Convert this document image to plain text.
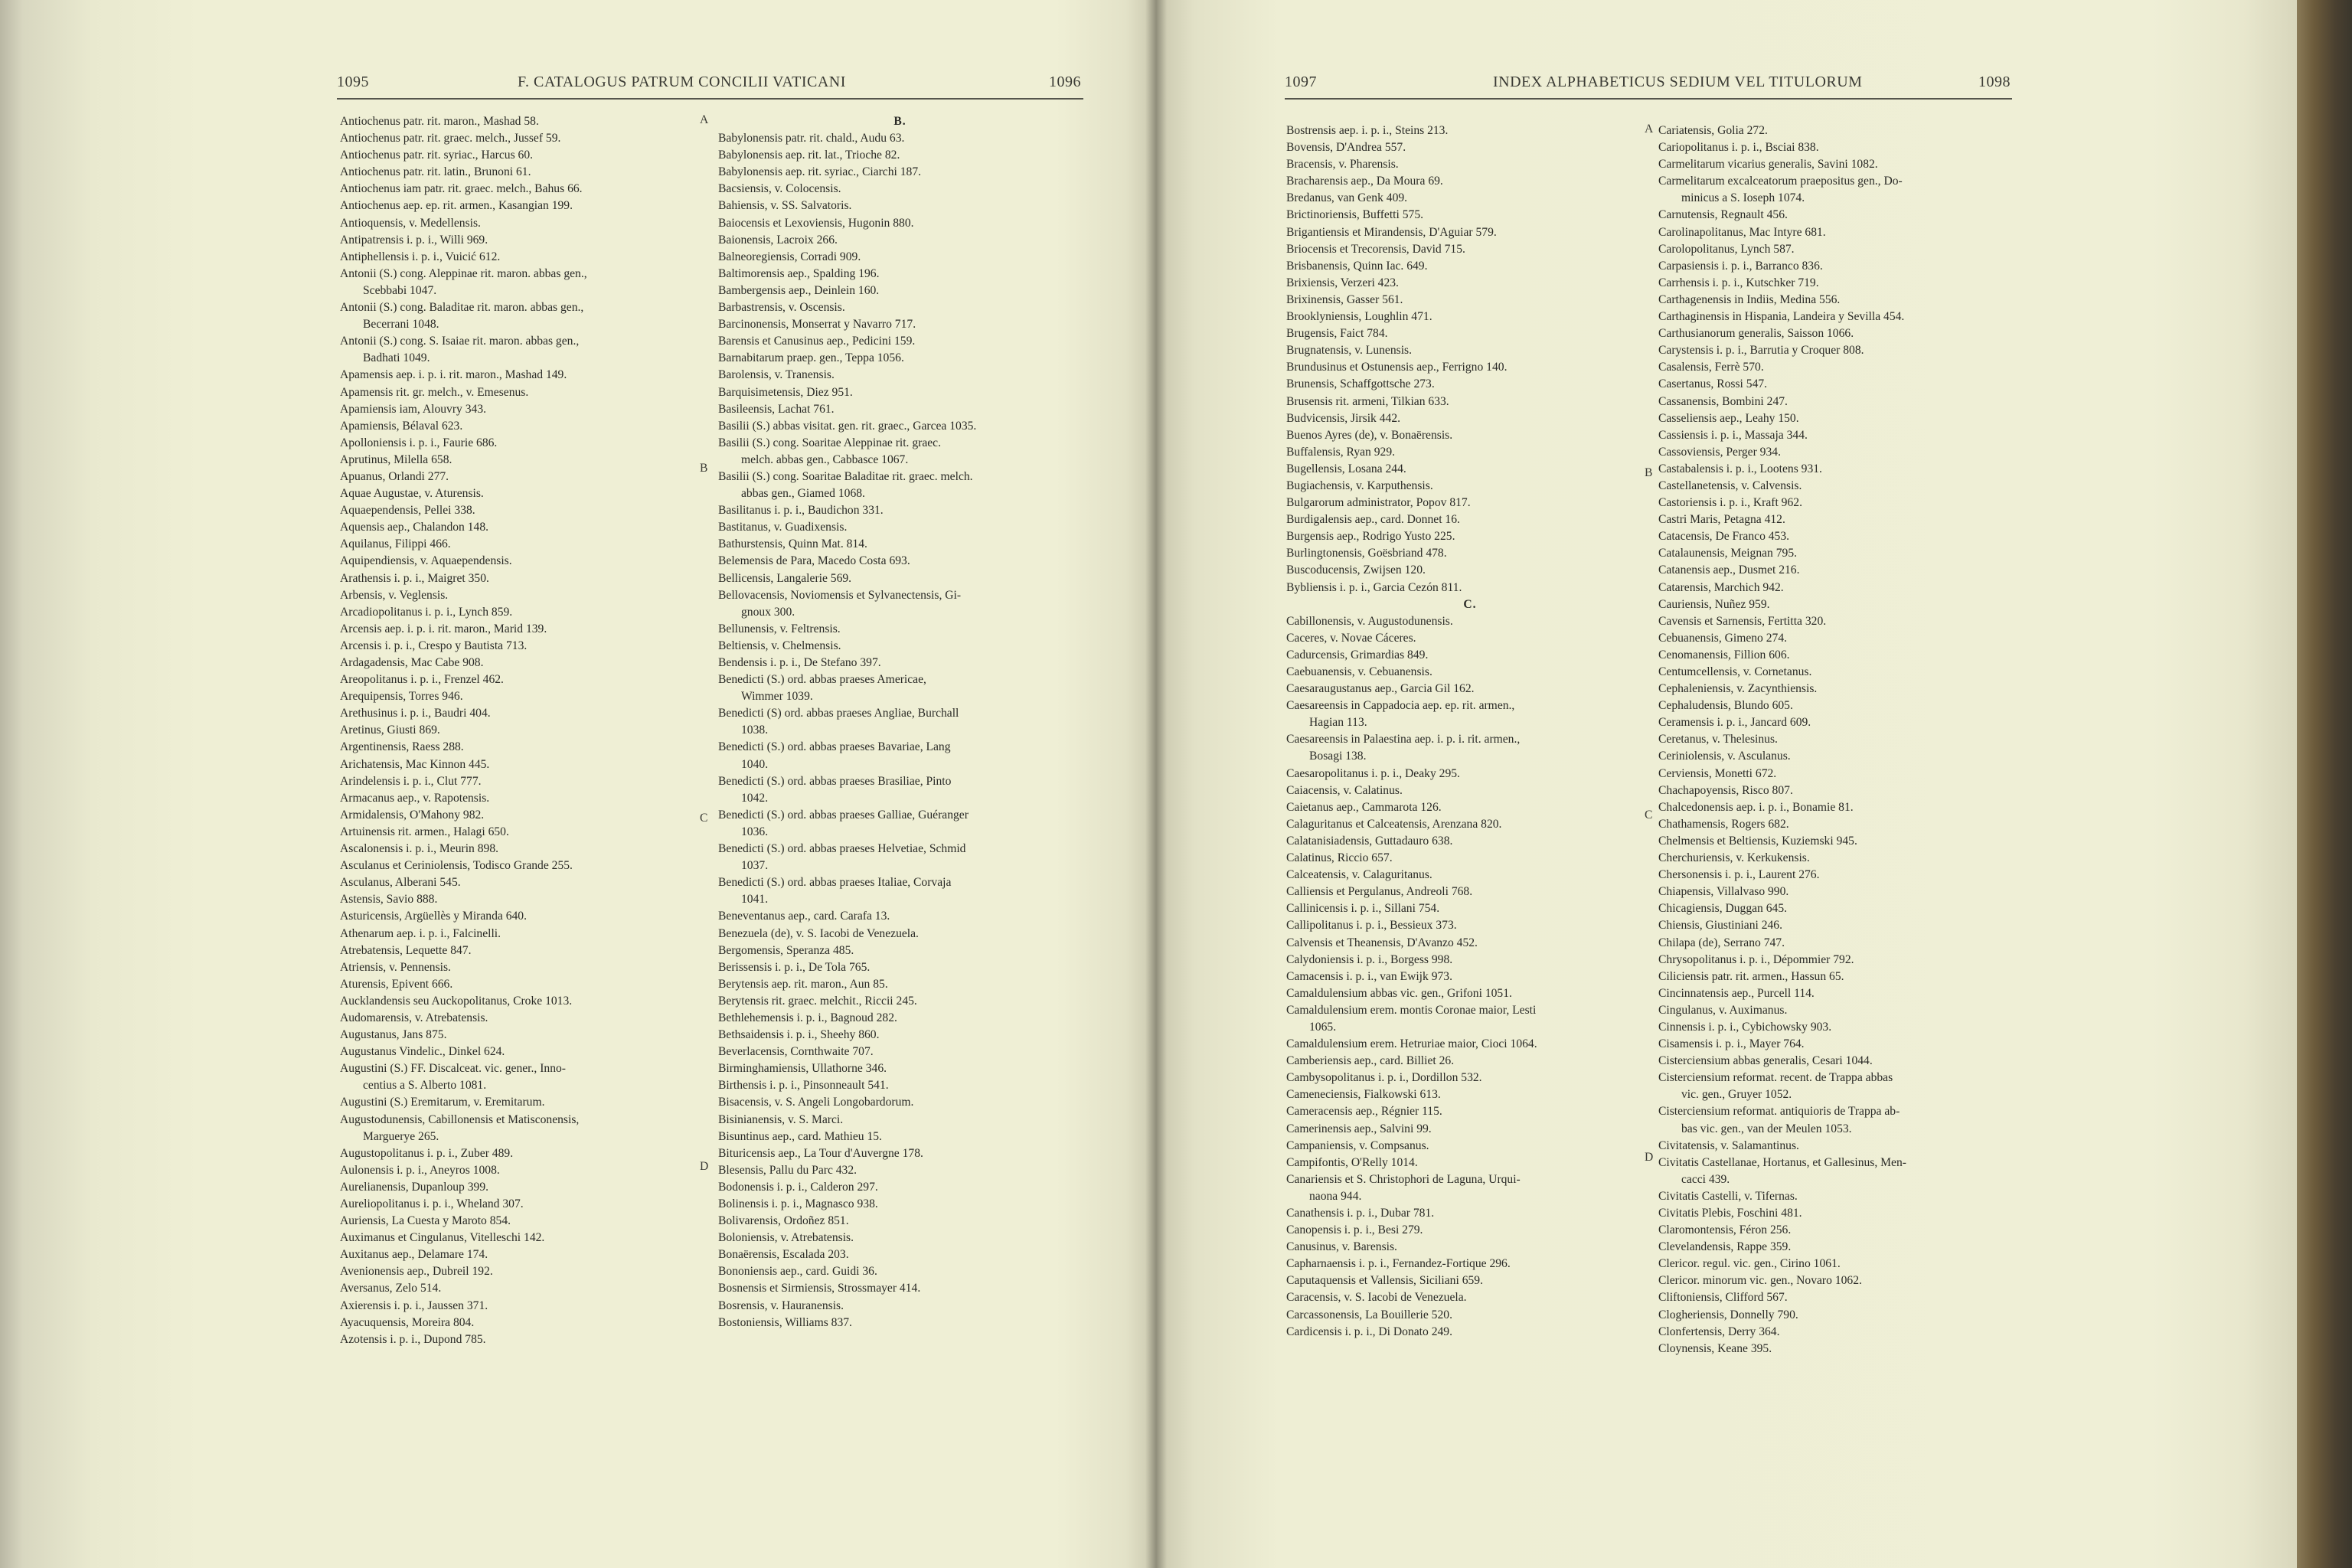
1095	F. CATALOGUS PATRUM CONCILII VATICANI	1096
Antiochenus patr. rit. maron., Mashad 58.
Antiochenus patr. rit. graec. melch., Jussef 59.
Antiochenus patr. rit. syriac., Harcus 60.
Antiochenus patr. rit. latin., Brunoni 61.
Antiochenus iam patr. rit. graec. melch., Bahus 66.
Antiochenus aep. ep. rit. armen., Kasangian 199.
Antioquensis, v. Medellensis.
Antipatrensis i. p. i., Willi 969.
Antiphellensis i. p. i., Vuicić 612.
Antonii (S.) cong. Aleppinae rit. maron. abbas gen.,
Scebbabi 1047.
Antonii (S.) cong. Baladitae rit. maron. abbas gen.,
Becerrani 1048.
Antonii (S.) cong. S. Isaiae rit. maron. abbas gen.,
Badhati 1049.
Apamensis aep. i. p. i. rit. maron., Mashad 149.
Apamensis rit. gr. melch., v. Emesenus.
Apamiensis iam, Alouvry 343.
Apamiensis, Bélaval 623.
Apolloniensis i. p. i., Faurie 686.
Aprutinus, Milella 658.
Apuanus, Orlandi 277.
Aquae Augustae, v. Aturensis.
Aquaependensis, Pellei 338.
Aquensis aep., Chalandon 148.
Aquilanus, Filippi 466.
Aquipendiensis, v. Aquaependensis.
Arathensis i. p. i., Maigret 350.
Arbensis, v. Veglensis.
Arcadiopolitanus i. p. i., Lynch 859.
Arcensis aep. i. p. i. rit. maron., Marid 139.
Arcensis i. p. i., Crespo y Bautista 713.
Ardagadensis, Mac Cabe 908.
Areopolitanus i. p. i., Frenzel 462.
Arequipensis, Torres 946.
Arethusinus i. p. i., Baudri 404.
Aretinus, Giusti 869.
Argentinensis, Raess 288.
Arichatensis, Mac Kinnon 445.
Arindelensis i. p. i., Clut 777.
Armacanus aep., v. Rapotensis.
Armidalensis, O'Mahony 982.
Artuinensis rit. armen., Halagi 650.
Ascalonensis i. p. i., Meurin 898.
Asculanus et Ceriniolensis, Todisco Grande 255.
Asculanus, Alberani 545.
Astensis, Savio 888.
Asturicensis, Argüellès y Miranda 640.
Athenarum aep. i. p. i., Falcinelli.
Atrebatensis, Lequette 847.
Atriensis, v. Pennensis.
Aturensis, Epivent 666.
Aucklandensis seu Auckopolitanus, Croke 1013.
Audomarensis, v. Atrebatensis.
Augustanus, Jans 875.
Augustanus Vindelic., Dinkel 624.
Augustini (S.) FF. Discalceat. vic. gener., Inno-
centius a S. Alberto 1081.
Augustini (S.) Eremitarum, v. Eremitarum.
Augustodunensis, Cabillonensis et Matisconensis,
Marguerye 265.
Augustopolitanus i. p. i., Zuber 489.
Aulonensis i. p. i., Aneyros 1008.
Aurelianensis, Dupanloup 399.
Aureliopolitanus i. p. i., Wheland 307.
Auriensis, La Cuesta y Maroto 854.
Auximanus et Cingulanus, Vitelleschi 142.
Auxitanus aep., Delamare 174.
Avenionensis aep., Dubreil 192.
Aversanus, Zelo 514.
Axierensis i. p. i., Jaussen 371.
Ayacuquensis, Moreira 804.
Azotensis i. p. i., Dupond 785.
B.
Babylonensis patr. rit. chald., Audu 63.
Babylonensis aep. rit. lat., Trioche 82.
Babylonensis aep. rit. syriac., Ciarchi 187.
Bacsiensis, v. Colocensis.
Bahiensis, v. SS. Salvatoris.
Baiocensis et Lexoviensis, Hugonin 880.
Baionensis, Lacroix 266.
Balneoregiensis, Corradi 909.
Baltimorensis aep., Spalding 196.
Bambergensis aep., Deinlein 160.
Barbastrensis, v. Oscensis.
Barcinonensis, Monserrat y Navarro 717.
Barensis et Canusinus aep., Pedicini 159.
Barnabitarum praep. gen., Teppa 1056.
Barolensis, v. Tranensis.
Barquisimetensis, Diez 951.
Basileensis, Lachat 761.
Basilii (S.) abbas visitat. gen. rit. graec., Garcea 1035.
Basilii (S.) cong. Soaritae Aleppinae rit. graec.
melch. abbas gen., Cabbasce 1067.
Basilii (S.) cong. Soaritae Baladitae rit. graec. melch.
abbas gen., Giamed 1068.
Basilitanus i. p. i., Baudichon 331.
Bastitanus, v. Guadixensis.
Bathurstensis, Quinn Mat. 814.
Belemensis de Para, Macedo Costa 693.
Bellicensis, Langalerie 569.
Bellovacensis, Noviomensis et Sylvanectensis, Gi-
gnoux 300.
Bellunensis, v. Feltrensis.
Beltiensis, v. Chelmensis.
Bendensis i. p. i., De Stefano 397.
Benedicti (S.) ord. abbas praeses Americae,
Wimmer 1039.
Benedicti (S) ord. abbas praeses Angliae, Burchall
1038.
Benedicti (S.) ord. abbas praeses Bavariae, Lang
1040.
Benedicti (S.) ord. abbas praeses Brasiliae, Pinto
1042.
Benedicti (S.) ord. abbas praeses Galliae, Guéranger
1036.
Benedicti (S.) ord. abbas praeses Helvetiae, Schmid
1037.
Benedicti (S.) ord. abbas praeses Italiae, Corvaja
1041.
Beneventanus aep., card. Carafa 13.
Benezuela (de), v. S. Iacobi de Venezuela.
Bergomensis, Speranza 485.
Berissensis i. p. i., De Tola 765.
Berytensis aep. rit. maron., Aun 85.
Berytensis rit. graec. melchit., Riccii 245.
Bethlehemensis i. p. i., Bagnoud 282.
Bethsaidensis i. p. i., Sheehy 860.
Beverlacensis, Cornthwaite 707.
Birminghamiensis, Ullathorne 346.
Birthensis i. p. i., Pinsonneault 541.
Bisacensis, v. S. Angeli Longobardorum.
Bisinianensis, v. S. Marci.
Bisuntinus aep., card. Mathieu 15.
Bituricensis aep., La Tour d'Auvergne 178.
Blesensis, Pallu du Parc 432.
Bodonensis i. p. i., Calderon 297.
Bolinensis i. p. i., Magnasco 938.
Bolivarensis, Ordoñez 851.
Boloniensis, v. Atrebatensis.
Bonaërensis, Escalada 203.
Bononiensis aep., card. Guidi 36.
Bosnensis et Sirmiensis, Strossmayer 414.
Bosrensis, v. Hauranensis.
Bostoniensis, Williams 837.
A
B
C
D
1097	INDEX ALPHABETICUS SEDIUM VEL TITULORUM	1098
Bostrensis aep. i. p. i., Steins 213.
Bovensis, D'Andrea 557.
Bracensis, v. Pharensis.
Bracharensis aep., Da Moura 69.
Bredanus, van Genk 409.
Brictinoriensis, Buffetti 575.
Brigantiensis et Mirandensis, D'Aguiar 579.
Briocensis et Trecorensis, David 715.
Brisbanensis, Quinn Iac. 649.
Brixiensis, Verzeri 423.
Brixinensis, Gasser 561.
Brooklyniensis, Loughlin 471.
Brugensis, Faict 784.
Brugnatensis, v. Lunensis.
Brundusinus et Ostunensis aep., Ferrigno 140.
Brunensis, Schaffgottsche 273.
Brusensis rit. armeni, Tilkian 633.
Budvicensis, Jirsik 442.
Buenos Ayres (de), v. Bonaërensis.
Buffalensis, Ryan 929.
Bugellensis, Losana 244.
Bugiachensis, v. Karputhensis.
Bulgarorum administrator, Popov 817.
Burdigalensis aep., card. Donnet 16.
Burgensis aep., Rodrigo Yusto 225.
Burlingtonensis, Goësbriand 478.
Buscoducensis, Zwijsen 120.
Bybliensis i. p. i., Garcia Cezón 811.
C.
Cabillonensis, v. Augustodunensis.
Caceres, v. Novae Cáceres.
Cadurcensis, Grimardias 849.
Caebuanensis, v. Cebuanensis.
Caesaraugustanus aep., Garcia Gil 162.
Caesareensis in Cappadocia aep. ep. rit. armen.,
Hagian 113.
Caesareensis in Palaestina aep. i. p. i. rit. armen.,
Bosagi 138.
Caesaropolitanus i. p. i., Deaky 295.
Caiacensis, v. Calatinus.
Caietanus aep., Cammarota 126.
Calaguritanus et Calceatensis, Arenzana 820.
Calatanisiadensis, Guttadauro 638.
Calatinus, Riccio 657.
Calceatensis, v. Calaguritanus.
Calliensis et Pergulanus, Andreoli 768.
Callinicensis i. p. i., Sillani 754.
Callipolitanus i. p. i., Bessieux 373.
Calvensis et Theanensis, D'Avanzo 452.
Calydoniensis i. p. i., Borgess 998.
Camacensis i. p. i., van Ewijk 973.
Camaldulensium abbas vic. gen., Grifoni 1051.
Camaldulensium erem. montis Coronae maior, Lesti
1065.
Camaldulensium erem. Hetruriae maior, Cioci 1064.
Camberiensis aep., card. Billiet 26.
Cambysopolitanus i. p. i., Dordillon 532.
Cameneciensis, Fialkowski 613.
Cameracensis aep., Régnier 115.
Camerinensis aep., Salvini 99.
Campaniensis, v. Compsanus.
Campifontis, O'Relly 1014.
Canariensis et S. Christophori de Laguna, Urqui-
naona 944.
Canathensis i. p. i., Dubar 781.
Canopensis i. p. i., Besi 279.
Canusinus, v. Barensis.
Capharnaensis i. p. i., Fernandez-Fortique 296.
Caputaquensis et Vallensis, Siciliani 659.
Caracensis, v. S. Iacobi de Venezuela.
Carcassonensis, La Bouillerie 520.
Cardicensis i. p. i., Di Donato 249.
Cariatensis, Golia 272.
Cariopolitanus i. p. i., Bsciai 838.
Carmelitarum vicarius generalis, Savini 1082.
Carmelitarum excalceatorum praepositus gen., Do-
minicus a S. Ioseph 1074.
Carnutensis, Regnault 456.
Carolinapolitanus, Mac Intyre 681.
Carolopolitanus, Lynch 587.
Carpasiensis i. p. i., Barranco 836.
Carrhensis i. p. i., Kutschker 719.
Carthagenensis in Indiis, Medina 556.
Carthaginensis in Hispania, Landeira y Sevilla 454.
Carthusianorum generalis, Saisson 1066.
Carystensis i. p. i., Barrutia y Croquer 808.
Casalensis, Ferrè 570.
Casertanus, Rossi 547.
Cassanensis, Bombini 247.
Casseliensis aep., Leahy 150.
Cassiensis i. p. i., Massaja 344.
Cassoviensis, Perger 934.
Castabalensis i. p. i., Lootens 931.
Castellanetensis, v. Calvensis.
Castoriensis i. p. i., Kraft 962.
Castri Maris, Petagna 412.
Catacensis, De Franco 453.
Catalaunensis, Meignan 795.
Catanensis aep., Dusmet 216.
Catarensis, Marchich 942.
Cauriensis, Nuñez 959.
Cavensis et Sarnensis, Fertitta 320.
Cebuanensis, Gimeno 274.
Cenomanensis, Fillion 606.
Centumcellensis, v. Cornetanus.
Cephaleniensis, v. Zacynthiensis.
Cephaludensis, Blundo 605.
Ceramensis i. p. i., Jancard 609.
Ceretanus, v. Thelesinus.
Ceriniolensis, v. Asculanus.
Cerviensis, Monetti 672.
Chachapoyensis, Risco 807.
Chalcedonensis aep. i. p. i., Bonamie 81.
Chathamensis, Rogers 682.
Chelmensis et Beltiensis, Kuziemski 945.
Cherchuriensis, v. Kerkukensis.
Chersonensis i. p. i., Laurent 276.
Chiapensis, Villalvaso 990.
Chicagiensis, Duggan 645.
Chiensis, Giustiniani 246.
Chilapa (de), Serrano 747.
Chrysopolitanus i. p. i., Dépommier 792.
Ciliciensis patr. rit. armen., Hassun 65.
Cincinnatensis aep., Purcell 114.
Cingulanus, v. Auximanus.
Cinnensis i. p. i., Cybichowsky 903.
Cisamensis i. p. i., Mayer 764.
Cisterciensium abbas generalis, Cesari 1044.
Cisterciensium reformat. recent. de Trappa abbas
vic. gen., Gruyer 1052.
Cisterciensium reformat. antiquioris de Trappa ab-
bas vic. gen., van der Meulen 1053.
Civitatensis, v. Salamantinus.
Civitatis Castellanae, Hortanus, et Gallesinus, Men-
cacci 439.
Civitatis Castelli, v. Tifernas.
Civitatis Plebis, Foschini 481.
Claromontensis, Féron 256.
Clevelandensis, Rappe 359.
Clericor. regul. vic. gen., Cirino 1061.
Clericor. minorum vic. gen., Novaro 1062.
Cliftoniensis, Clifford 567.
Clogheriensis, Donnelly 790.
Clonfertensis, Derry 364.
Cloynensis, Keane 395.
A
B
C
D
